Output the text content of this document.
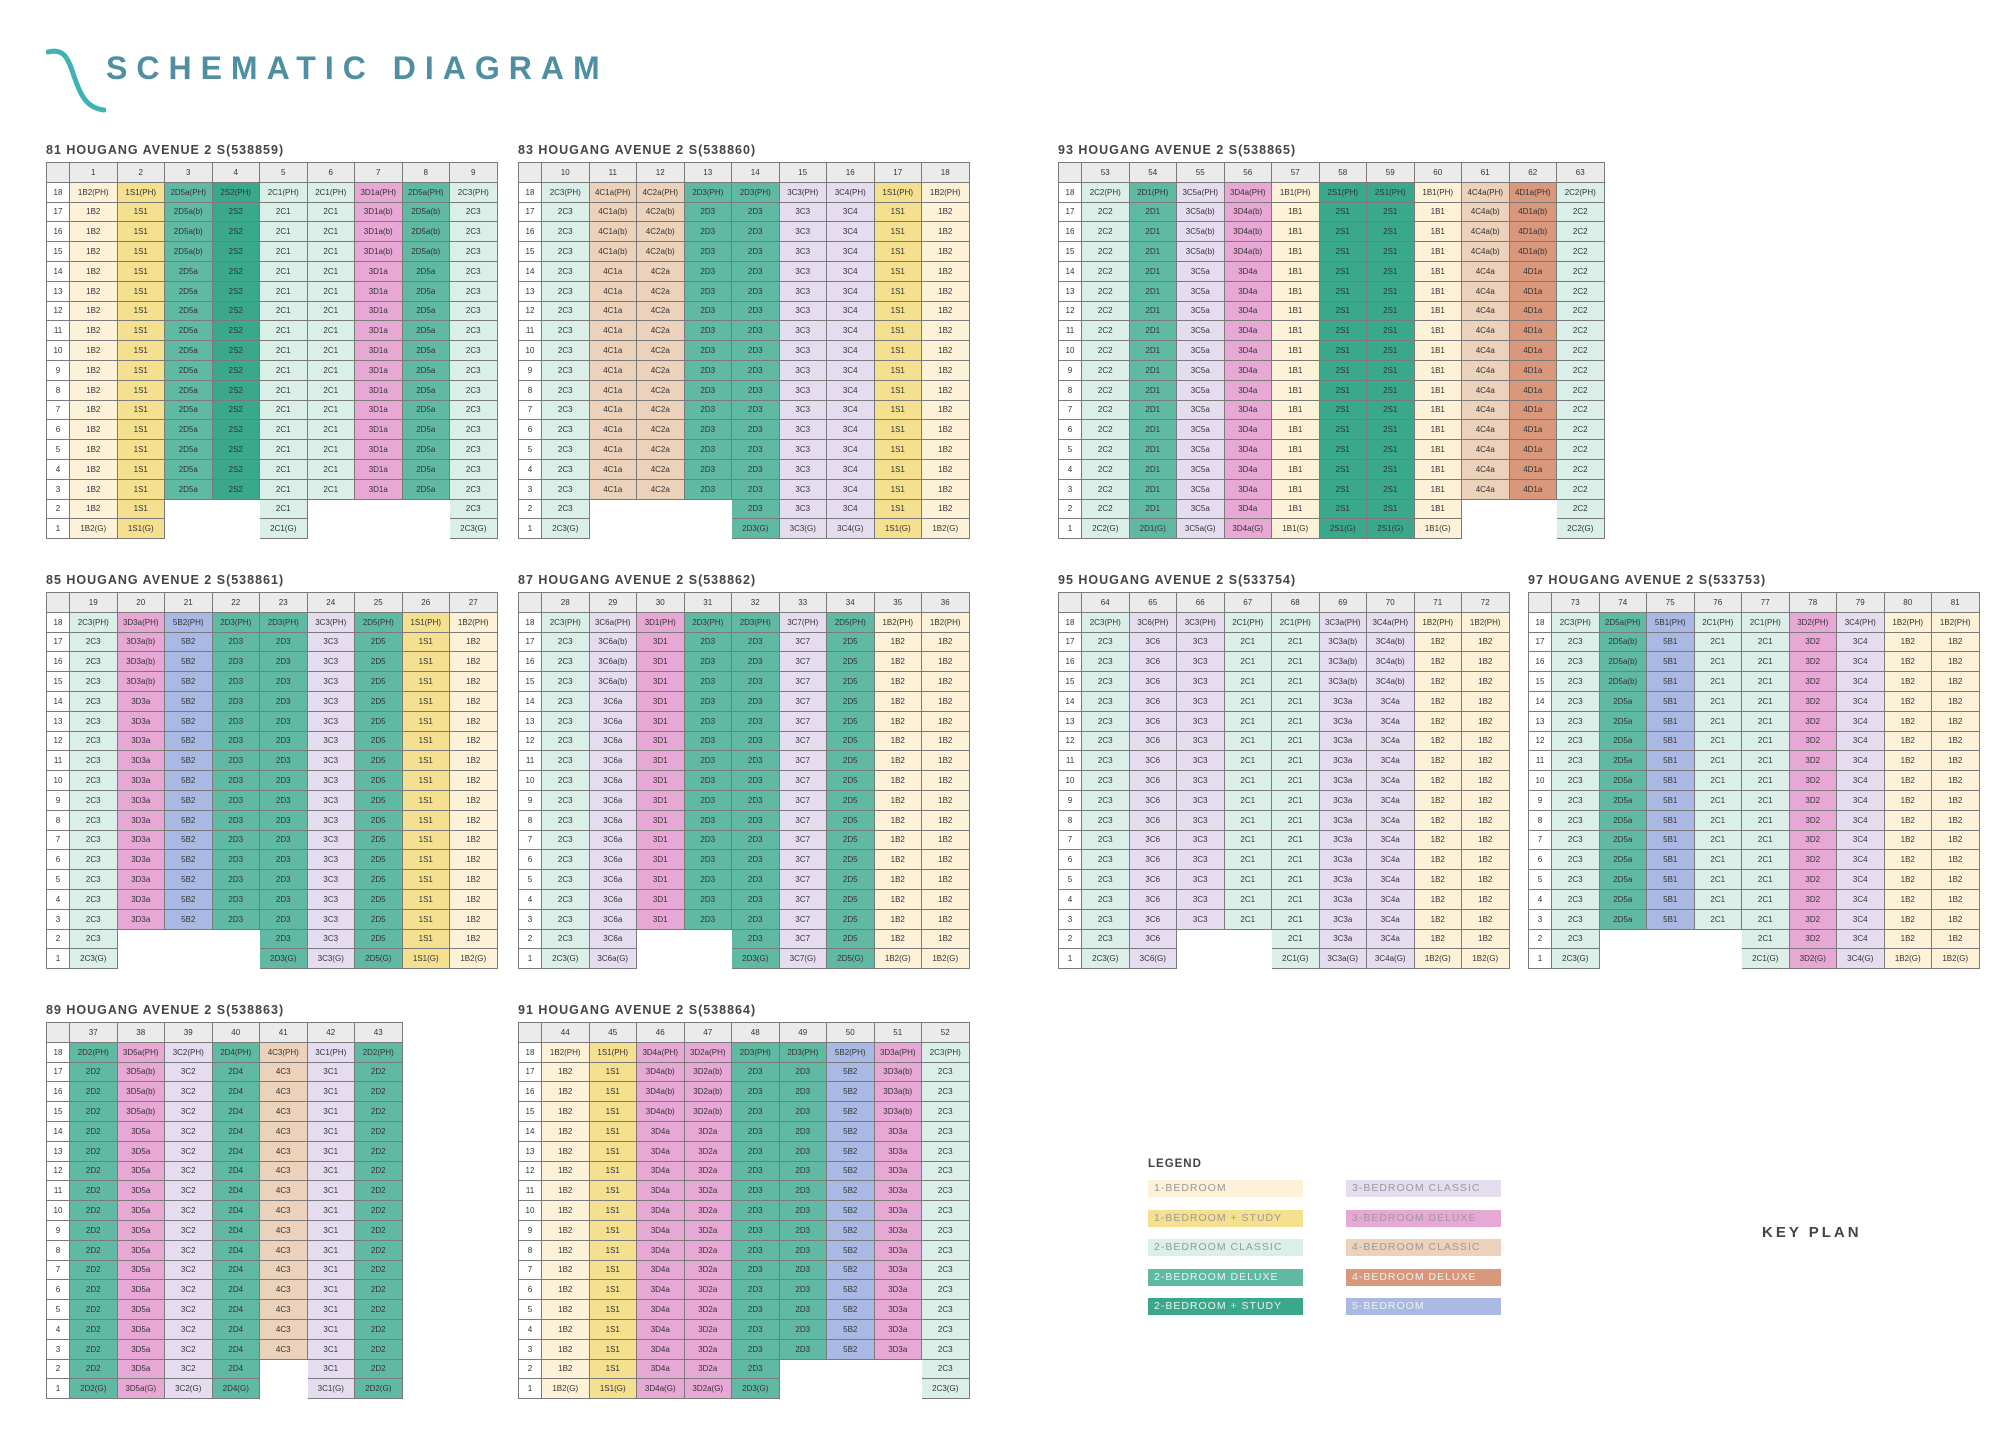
SCHEMATIC DIAGRAM
81 HOUGANG AVENUE 2 S(538859)
	1	2	3	4	5	6	7	8	9
18	1B2(PH)	1S1(PH)	2D5a(PH)	2S2(PH)	2C1(PH)	2C1(PH)	3D1a(PH)	2D5a(PH)	2C3(PH)
17	1B2	1S1	2D5a(b)	2S2	2C1	2C1	3D1a(b)	2D5a(b)	2C3
16	1B2	1S1	2D5a(b)	2S2	2C1	2C1	3D1a(b)	2D5a(b)	2C3
15	1B2	1S1	2D5a(b)	2S2	2C1	2C1	3D1a(b)	2D5a(b)	2C3
14	1B2	1S1	2D5a	2S2	2C1	2C1	3D1a	2D5a	2C3
13	1B2	1S1	2D5a	2S2	2C1	2C1	3D1a	2D5a	2C3
12	1B2	1S1	2D5a	2S2	2C1	2C1	3D1a	2D5a	2C3
11	1B2	1S1	2D5a	2S2	2C1	2C1	3D1a	2D5a	2C3
10	1B2	1S1	2D5a	2S2	2C1	2C1	3D1a	2D5a	2C3
9	1B2	1S1	2D5a	2S2	2C1	2C1	3D1a	2D5a	2C3
8	1B2	1S1	2D5a	2S2	2C1	2C1	3D1a	2D5a	2C3
7	1B2	1S1	2D5a	2S2	2C1	2C1	3D1a	2D5a	2C3
6	1B2	1S1	2D5a	2S2	2C1	2C1	3D1a	2D5a	2C3
5	1B2	1S1	2D5a	2S2	2C1	2C1	3D1a	2D5a	2C3
4	1B2	1S1	2D5a	2S2	2C1	2C1	3D1a	2D5a	2C3
3	1B2	1S1	2D5a	2S2	2C1	2C1	3D1a	2D5a	2C3
2	1B2	1S1			2C1				2C3
1	1B2(G)	1S1(G)			2C1(G)				2C3(G)
83 HOUGANG AVENUE 2 S(538860)
	10	11	12	13	14	15	16	17	18
18	2C3(PH)	4C1a(PH)	4C2a(PH)	2D3(PH)	2D3(PH)	3C3(PH)	3C4(PH)	1S1(PH)	1B2(PH)
17	2C3	4C1a(b)	4C2a(b)	2D3	2D3	3C3	3C4	1S1	1B2
16	2C3	4C1a(b)	4C2a(b)	2D3	2D3	3C3	3C4	1S1	1B2
15	2C3	4C1a(b)	4C2a(b)	2D3	2D3	3C3	3C4	1S1	1B2
14	2C3	4C1a	4C2a	2D3	2D3	3C3	3C4	1S1	1B2
13	2C3	4C1a	4C2a	2D3	2D3	3C3	3C4	1S1	1B2
12	2C3	4C1a	4C2a	2D3	2D3	3C3	3C4	1S1	1B2
11	2C3	4C1a	4C2a	2D3	2D3	3C3	3C4	1S1	1B2
10	2C3	4C1a	4C2a	2D3	2D3	3C3	3C4	1S1	1B2
9	2C3	4C1a	4C2a	2D3	2D3	3C3	3C4	1S1	1B2
8	2C3	4C1a	4C2a	2D3	2D3	3C3	3C4	1S1	1B2
7	2C3	4C1a	4C2a	2D3	2D3	3C3	3C4	1S1	1B2
6	2C3	4C1a	4C2a	2D3	2D3	3C3	3C4	1S1	1B2
5	2C3	4C1a	4C2a	2D3	2D3	3C3	3C4	1S1	1B2
4	2C3	4C1a	4C2a	2D3	2D3	3C3	3C4	1S1	1B2
3	2C3	4C1a	4C2a	2D3	2D3	3C3	3C4	1S1	1B2
2	2C3				2D3	3C3	3C4	1S1	1B2
1	2C3(G)				2D3(G)	3C3(G)	3C4(G)	1S1(G)	1B2(G)
93 HOUGANG AVENUE 2 S(538865)
	53	54	55	56	57	58	59	60	61	62	63
18	2C2(PH)	2D1(PH)	3C5a(PH)	3D4a(PH)	1B1(PH)	2S1(PH)	2S1(PH)	1B1(PH)	4C4a(PH)	4D1a(PH)	2C2(PH)
17	2C2	2D1	3C5a(b)	3D4a(b)	1B1	2S1	2S1	1B1	4C4a(b)	4D1a(b)	2C2
16	2C2	2D1	3C5a(b)	3D4a(b)	1B1	2S1	2S1	1B1	4C4a(b)	4D1a(b)	2C2
15	2C2	2D1	3C5a(b)	3D4a(b)	1B1	2S1	2S1	1B1	4C4a(b)	4D1a(b)	2C2
14	2C2	2D1	3C5a	3D4a	1B1	2S1	2S1	1B1	4C4a	4D1a	2C2
13	2C2	2D1	3C5a	3D4a	1B1	2S1	2S1	1B1	4C4a	4D1a	2C2
12	2C2	2D1	3C5a	3D4a	1B1	2S1	2S1	1B1	4C4a	4D1a	2C2
11	2C2	2D1	3C5a	3D4a	1B1	2S1	2S1	1B1	4C4a	4D1a	2C2
10	2C2	2D1	3C5a	3D4a	1B1	2S1	2S1	1B1	4C4a	4D1a	2C2
9	2C2	2D1	3C5a	3D4a	1B1	2S1	2S1	1B1	4C4a	4D1a	2C2
8	2C2	2D1	3C5a	3D4a	1B1	2S1	2S1	1B1	4C4a	4D1a	2C2
7	2C2	2D1	3C5a	3D4a	1B1	2S1	2S1	1B1	4C4a	4D1a	2C2
6	2C2	2D1	3C5a	3D4a	1B1	2S1	2S1	1B1	4C4a	4D1a	2C2
5	2C2	2D1	3C5a	3D4a	1B1	2S1	2S1	1B1	4C4a	4D1a	2C2
4	2C2	2D1	3C5a	3D4a	1B1	2S1	2S1	1B1	4C4a	4D1a	2C2
3	2C2	2D1	3C5a	3D4a	1B1	2S1	2S1	1B1	4C4a	4D1a	2C2
2	2C2	2D1	3C5a	3D4a	1B1	2S1	2S1	1B1			2C2
1	2C2(G)	2D1(G)	3C5a(G)	3D4a(G)	1B1(G)	2S1(G)	2S1(G)	1B1(G)			2C2(G)
85 HOUGANG AVENUE 2 S(538861)
	19	20	21	22	23	24	25	26	27
18	2C3(PH)	3D3a(PH)	5B2(PH)	2D3(PH)	2D3(PH)	3C3(PH)	2D5(PH)	1S1(PH)	1B2(PH)
17	2C3	3D3a(b)	5B2	2D3	2D3	3C3	2D5	1S1	1B2
16	2C3	3D3a(b)	5B2	2D3	2D3	3C3	2D5	1S1	1B2
15	2C3	3D3a(b)	5B2	2D3	2D3	3C3	2D5	1S1	1B2
14	2C3	3D3a	5B2	2D3	2D3	3C3	2D5	1S1	1B2
13	2C3	3D3a	5B2	2D3	2D3	3C3	2D5	1S1	1B2
12	2C3	3D3a	5B2	2D3	2D3	3C3	2D5	1S1	1B2
11	2C3	3D3a	5B2	2D3	2D3	3C3	2D5	1S1	1B2
10	2C3	3D3a	5B2	2D3	2D3	3C3	2D5	1S1	1B2
9	2C3	3D3a	5B2	2D3	2D3	3C3	2D5	1S1	1B2
8	2C3	3D3a	5B2	2D3	2D3	3C3	2D5	1S1	1B2
7	2C3	3D3a	5B2	2D3	2D3	3C3	2D5	1S1	1B2
6	2C3	3D3a	5B2	2D3	2D3	3C3	2D5	1S1	1B2
5	2C3	3D3a	5B2	2D3	2D3	3C3	2D5	1S1	1B2
4	2C3	3D3a	5B2	2D3	2D3	3C3	2D5	1S1	1B2
3	2C3	3D3a	5B2	2D3	2D3	3C3	2D5	1S1	1B2
2	2C3				2D3	3C3	2D5	1S1	1B2
1	2C3(G)				2D3(G)	3C3(G)	2D5(G)	1S1(G)	1B2(G)
87 HOUGANG AVENUE 2 S(538862)
	28	29	30	31	32	33	34	35	36
18	2C3(PH)	3C6a(PH)	3D1(PH)	2D3(PH)	2D3(PH)	3C7(PH)	2D5(PH)	1B2(PH)	1B2(PH)
17	2C3	3C6a(b)	3D1	2D3	2D3	3C7	2D5	1B2	1B2
16	2C3	3C6a(b)	3D1	2D3	2D3	3C7	2D5	1B2	1B2
15	2C3	3C6a(b)	3D1	2D3	2D3	3C7	2D5	1B2	1B2
14	2C3	3C6a	3D1	2D3	2D3	3C7	2D5	1B2	1B2
13	2C3	3C6a	3D1	2D3	2D3	3C7	2D5	1B2	1B2
12	2C3	3C6a	3D1	2D3	2D3	3C7	2D5	1B2	1B2
11	2C3	3C6a	3D1	2D3	2D3	3C7	2D5	1B2	1B2
10	2C3	3C6a	3D1	2D3	2D3	3C7	2D5	1B2	1B2
9	2C3	3C6a	3D1	2D3	2D3	3C7	2D5	1B2	1B2
8	2C3	3C6a	3D1	2D3	2D3	3C7	2D5	1B2	1B2
7	2C3	3C6a	3D1	2D3	2D3	3C7	2D5	1B2	1B2
6	2C3	3C6a	3D1	2D3	2D3	3C7	2D5	1B2	1B2
5	2C3	3C6a	3D1	2D3	2D3	3C7	2D5	1B2	1B2
4	2C3	3C6a	3D1	2D3	2D3	3C7	2D5	1B2	1B2
3	2C3	3C6a	3D1	2D3	2D3	3C7	2D5	1B2	1B2
2	2C3	3C6a			2D3	3C7	2D5	1B2	1B2
1	2C3(G)	3C6a(G)			2D3(G)	3C7(G)	2D5(G)	1B2(G)	1B2(G)
95 HOUGANG AVENUE 2 S(533754)
	64	65	66	67	68	69	70	71	72
18	2C3(PH)	3C6(PH)	3C3(PH)	2C1(PH)	2C1(PH)	3C3a(PH)	3C4a(PH)	1B2(PH)	1B2(PH)
17	2C3	3C6	3C3	2C1	2C1	3C3a(b)	3C4a(b)	1B2	1B2
16	2C3	3C6	3C3	2C1	2C1	3C3a(b)	3C4a(b)	1B2	1B2
15	2C3	3C6	3C3	2C1	2C1	3C3a(b)	3C4a(b)	1B2	1B2
14	2C3	3C6	3C3	2C1	2C1	3C3a	3C4a	1B2	1B2
13	2C3	3C6	3C3	2C1	2C1	3C3a	3C4a	1B2	1B2
12	2C3	3C6	3C3	2C1	2C1	3C3a	3C4a	1B2	1B2
11	2C3	3C6	3C3	2C1	2C1	3C3a	3C4a	1B2	1B2
10	2C3	3C6	3C3	2C1	2C1	3C3a	3C4a	1B2	1B2
9	2C3	3C6	3C3	2C1	2C1	3C3a	3C4a	1B2	1B2
8	2C3	3C6	3C3	2C1	2C1	3C3a	3C4a	1B2	1B2
7	2C3	3C6	3C3	2C1	2C1	3C3a	3C4a	1B2	1B2
6	2C3	3C6	3C3	2C1	2C1	3C3a	3C4a	1B2	1B2
5	2C3	3C6	3C3	2C1	2C1	3C3a	3C4a	1B2	1B2
4	2C3	3C6	3C3	2C1	2C1	3C3a	3C4a	1B2	1B2
3	2C3	3C6	3C3	2C1	2C1	3C3a	3C4a	1B2	1B2
2	2C3	3C6			2C1	3C3a	3C4a	1B2	1B2
1	2C3(G)	3C6(G)			2C1(G)	3C3a(G)	3C4a(G)	1B2(G)	1B2(G)
97 HOUGANG AVENUE 2 S(533753)
	73	74	75	76	77	78	79	80	81
18	2C3(PH)	2D5a(PH)	5B1(PH)	2C1(PH)	2C1(PH)	3D2(PH)	3C4(PH)	1B2(PH)	1B2(PH)
17	2C3	2D5a(b)	5B1	2C1	2C1	3D2	3C4	1B2	1B2
16	2C3	2D5a(b)	5B1	2C1	2C1	3D2	3C4	1B2	1B2
15	2C3	2D5a(b)	5B1	2C1	2C1	3D2	3C4	1B2	1B2
14	2C3	2D5a	5B1	2C1	2C1	3D2	3C4	1B2	1B2
13	2C3	2D5a	5B1	2C1	2C1	3D2	3C4	1B2	1B2
12	2C3	2D5a	5B1	2C1	2C1	3D2	3C4	1B2	1B2
11	2C3	2D5a	5B1	2C1	2C1	3D2	3C4	1B2	1B2
10	2C3	2D5a	5B1	2C1	2C1	3D2	3C4	1B2	1B2
9	2C3	2D5a	5B1	2C1	2C1	3D2	3C4	1B2	1B2
8	2C3	2D5a	5B1	2C1	2C1	3D2	3C4	1B2	1B2
7	2C3	2D5a	5B1	2C1	2C1	3D2	3C4	1B2	1B2
6	2C3	2D5a	5B1	2C1	2C1	3D2	3C4	1B2	1B2
5	2C3	2D5a	5B1	2C1	2C1	3D2	3C4	1B2	1B2
4	2C3	2D5a	5B1	2C1	2C1	3D2	3C4	1B2	1B2
3	2C3	2D5a	5B1	2C1	2C1	3D2	3C4	1B2	1B2
2	2C3				2C1	3D2	3C4	1B2	1B2
1	2C3(G)				2C1(G)	3D2(G)	3C4(G)	1B2(G)	1B2(G)
89 HOUGANG AVENUE 2 S(538863)
	37	38	39	40	41	42	43
18	2D2(PH)	3D5a(PH)	3C2(PH)	2D4(PH)	4C3(PH)	3C1(PH)	2D2(PH)
17	2D2	3D5a(b)	3C2	2D4	4C3	3C1	2D2
16	2D2	3D5a(b)	3C2	2D4	4C3	3C1	2D2
15	2D2	3D5a(b)	3C2	2D4	4C3	3C1	2D2
14	2D2	3D5a	3C2	2D4	4C3	3C1	2D2
13	2D2	3D5a	3C2	2D4	4C3	3C1	2D2
12	2D2	3D5a	3C2	2D4	4C3	3C1	2D2
11	2D2	3D5a	3C2	2D4	4C3	3C1	2D2
10	2D2	3D5a	3C2	2D4	4C3	3C1	2D2
9	2D2	3D5a	3C2	2D4	4C3	3C1	2D2
8	2D2	3D5a	3C2	2D4	4C3	3C1	2D2
7	2D2	3D5a	3C2	2D4	4C3	3C1	2D2
6	2D2	3D5a	3C2	2D4	4C3	3C1	2D2
5	2D2	3D5a	3C2	2D4	4C3	3C1	2D2
4	2D2	3D5a	3C2	2D4	4C3	3C1	2D2
3	2D2	3D5a	3C2	2D4	4C3	3C1	2D2
2	2D2	3D5a	3C2	2D4		3C1	2D2
1	2D2(G)	3D5a(G)	3C2(G)	2D4(G)		3C1(G)	2D2(G)
91 HOUGANG AVENUE 2 S(538864)
	44	45	46	47	48	49	50	51	52
18	1B2(PH)	1S1(PH)	3D4a(PH)	3D2a(PH)	2D3(PH)	2D3(PH)	5B2(PH)	3D3a(PH)	2C3(PH)
17	1B2	1S1	3D4a(b)	3D2a(b)	2D3	2D3	5B2	3D3a(b)	2C3
16	1B2	1S1	3D4a(b)	3D2a(b)	2D3	2D3	5B2	3D3a(b)	2C3
15	1B2	1S1	3D4a(b)	3D2a(b)	2D3	2D3	5B2	3D3a(b)	2C3
14	1B2	1S1	3D4a	3D2a	2D3	2D3	5B2	3D3a	2C3
13	1B2	1S1	3D4a	3D2a	2D3	2D3	5B2	3D3a	2C3
12	1B2	1S1	3D4a	3D2a	2D3	2D3	5B2	3D3a	2C3
11	1B2	1S1	3D4a	3D2a	2D3	2D3	5B2	3D3a	2C3
10	1B2	1S1	3D4a	3D2a	2D3	2D3	5B2	3D3a	2C3
9	1B2	1S1	3D4a	3D2a	2D3	2D3	5B2	3D3a	2C3
8	1B2	1S1	3D4a	3D2a	2D3	2D3	5B2	3D3a	2C3
7	1B2	1S1	3D4a	3D2a	2D3	2D3	5B2	3D3a	2C3
6	1B2	1S1	3D4a	3D2a	2D3	2D3	5B2	3D3a	2C3
5	1B2	1S1	3D4a	3D2a	2D3	2D3	5B2	3D3a	2C3
4	1B2	1S1	3D4a	3D2a	2D3	2D3	5B2	3D3a	2C3
3	1B2	1S1	3D4a	3D2a	2D3	2D3	5B2	3D3a	2C3
2	1B2	1S1	3D4a	3D2a	2D3				2C3
1	1B2(G)	1S1(G)	3D4a(G)	3D2a(G)	2D3(G)				2C3(G)
LEGEND
1-BEDROOM
1-BEDROOM + STUDY
2-BEDROOM CLASSIC
2-BEDROOM DELUXE
2-BEDROOM + STUDY
3-BEDROOM CLASSIC
3-BEDROOM DELUXE
4-BEDROOM CLASSIC
4-BEDROOM DELUXE
5-BEDROOM
KEY PLAN
